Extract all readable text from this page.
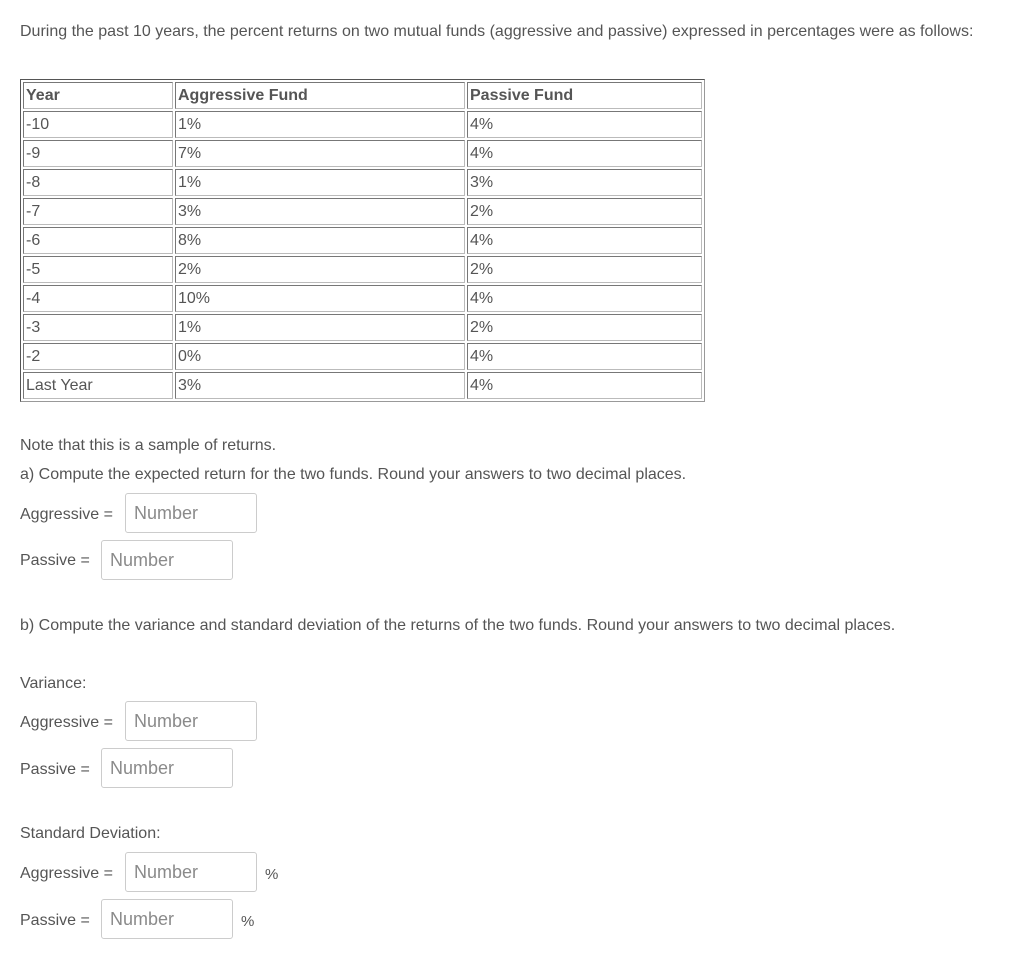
During the past 10 years, the percent returns on two mutual funds (aggressive and passive) expressed in percentages were as follows:
Year	Aggressive Fund	Passive Fund
-10	1%	4%
-9	7%	4%
-8	1%	3%
-7	3%	2%
-6	8%	4%
-5	2%	2%
-4	10%	4%
-3	1%	2%
-2	0%	4%
Last Year	3%	4%
Note that this is a sample of returns.
a) Compute the expected return for the two funds. Round your answers to two decimal places.
Aggressive =
Number
Passive =
Number
b) Compute the variance and standard deviation of the returns of the two funds. Round your answers to two decimal places.
Variance:
Aggressive =
Number
Passive =
Number
Standard Deviation:
Aggressive =
Number	%
Passive =
Number	%
